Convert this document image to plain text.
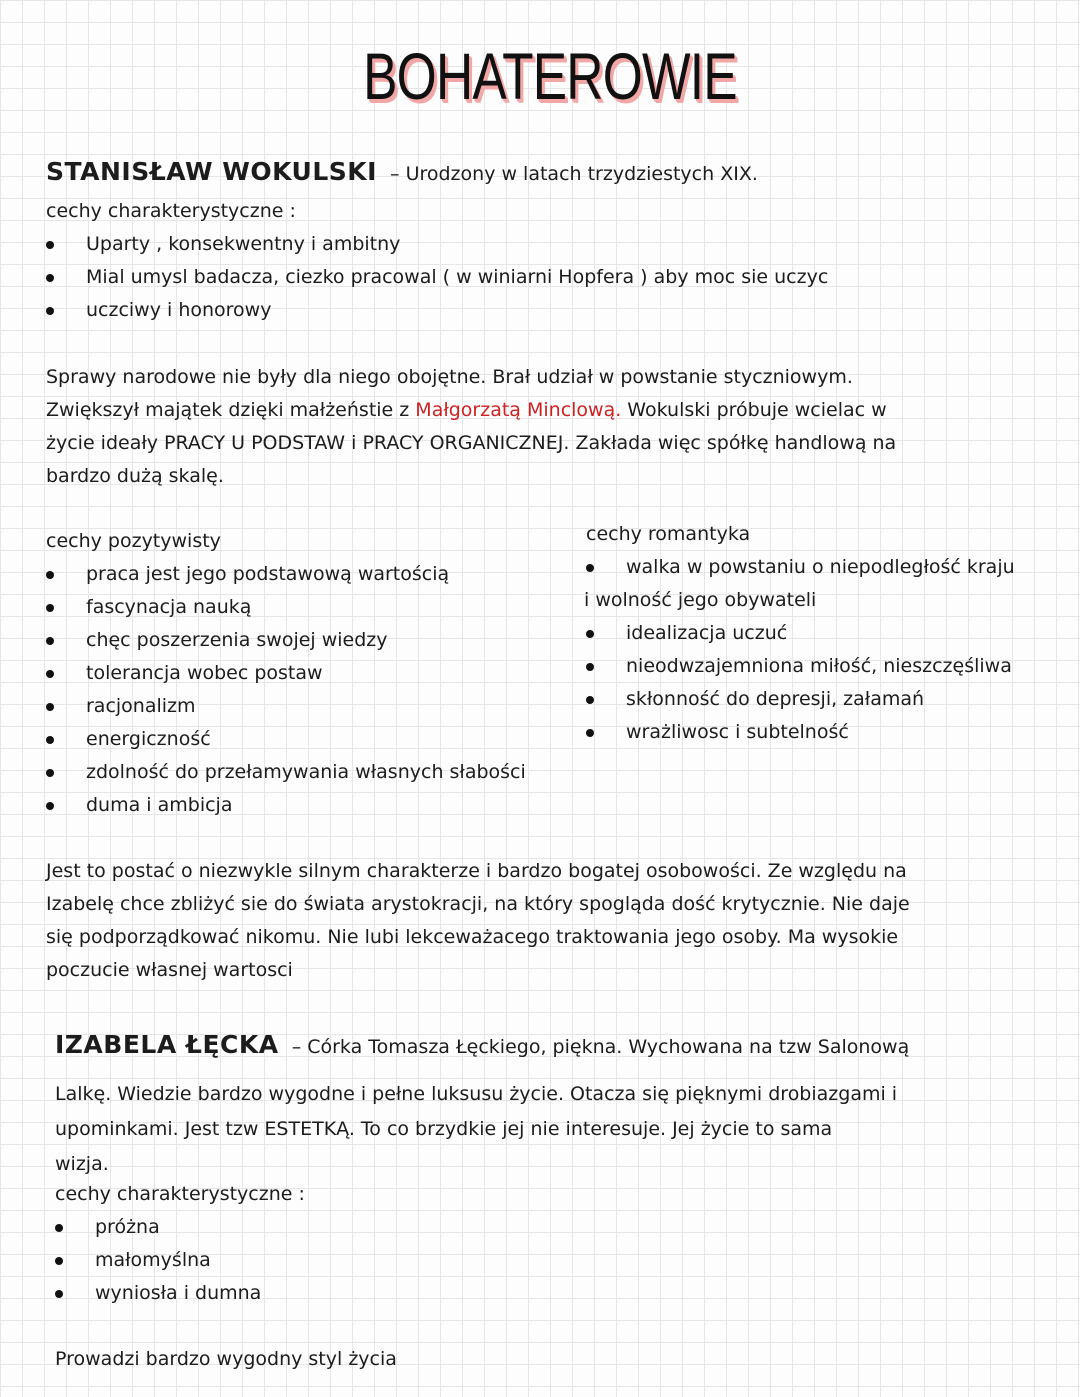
BOHATEROWIE
STANISŁAW WOKULSKI – Urodzony w latach trzydziestych XIX.
cechy charakterystyczne :
Uparty , konsekwentny i ambitny
Mial umysl badacza, ciezko pracowal ( w winiarni Hopfera ) aby moc sie uczyc
uczciwy i honorowy
Sprawy narodowe nie były dla niego obojętne. Brał udział w powstanie styczniowym.
Zwiększył majątek dzięki małżeństie z Małgorzatą Minclową. Wokulski próbuje wcielac w
życie ideały PRACY U PODSTAW i PRACY ORGANICZNEJ. Zakłada więc spółkę handlową na
bardzo dużą skalę.
cechy pozytywisty
praca jest jego podstawową wartością
fascynacja nauką
chęc poszerzenia swojej wiedzy
tolerancja wobec postaw
racjonalizm
energiczność
zdolność do przełamywania własnych słabości
duma i ambicja
cechy romantyka
walka w powstaniu o niepodległość kraju
i wolność jego obywateli
idealizacja uczuć
nieodwzajemniona miłość, nieszczęśliwa
skłonność do depresji, załamań
wrażliwosc i subtelność
Jest to postać o niezwykle silnym charakterze i bardzo bogatej osobowości. Ze względu na
Izabelę chce zbliżyć sie do świata arystokracji, na który spogląda dość krytycznie. Nie daje
się podporządkować nikomu. Nie lubi lekceważacego traktowania jego osoby. Ma wysokie
poczucie własnej wartosci
IZABELA ŁĘCKA – Córka Tomasza Łęckiego, piękna. Wychowana na tzw Salonową
Lalkę. Wiedzie bardzo wygodne i pełne luksusu życie. Otacza się pięknymi drobiazgami i
upominkami. Jest tzw ESTETKĄ. To co brzydkie jej nie interesuje. Jej życie to sama
wizja.
cechy charakterystyczne :
próżna
małomyślna
wyniosła i dumna
Prowadzi bardzo wygodny styl życia
